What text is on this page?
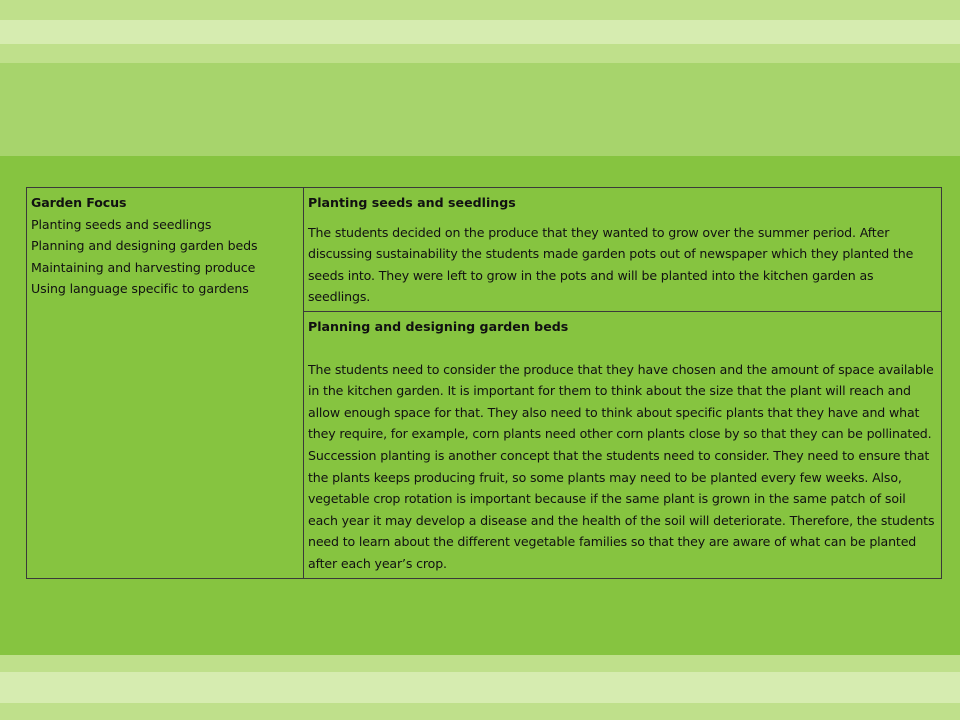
Garden Focus
Planting seeds and seedlings
Planning and designing garden beds
Maintaining and harvesting produce
Using language specific to gardens

Planting seeds and seedlings
The students decided on the produce that they wanted to grow over the summer period. After discussing sustainability the students made garden pots out of newspaper which they planted the seeds into. They were left to grow in the pots and will be planted into the kitchen garden as seedlings.

Planning and designing garden beds
The students need to consider the produce that they have chosen and the amount of space available in the kitchen garden. It is important for them to think about the size that the plant will reach and allow enough space for that. They also need to think about specific plants that they have and what they require, for example, corn plants need other corn plants close by so that they can be pollinated. Succession planting is another concept that the students need to consider. They need to ensure that the plants keeps producing fruit, so some plants may need to be planted every few weeks. Also, vegetable crop rotation is important because if the same plant is grown in the same patch of soil each year it may develop a disease and the health of the soil will deteriorate. Therefore, the students need to learn about the different vegetable families so that they are aware of what can be planted after each year’s crop.
